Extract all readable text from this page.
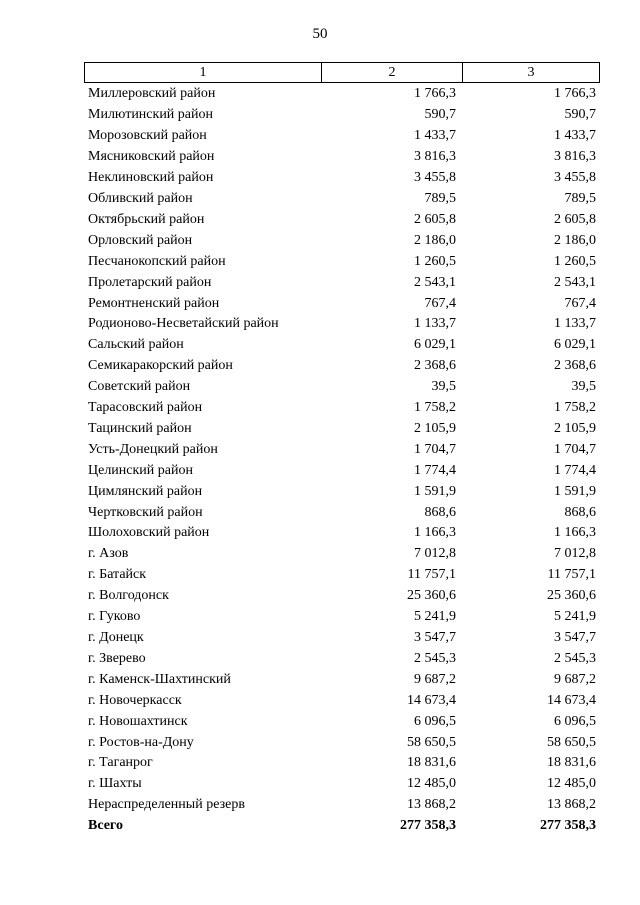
50
1	2	3
Миллеровский район	1 766,3	1 766,3
Милютинский район	590,7	590,7
Морозовский район	1 433,7	1 433,7
Мясниковский район	3 816,3	3 816,3
Неклиновский район	3 455,8	3 455,8
Обливский район	789,5	789,5
Октябрьский район	2 605,8	2 605,8
Орловский район	2 186,0	2 186,0
Песчанокопский район	1 260,5	1 260,5
Пролетарский район	2 543,1	2 543,1
Ремонтненский район	767,4	767,4
Родионово-Несветайский район	1 133,7	1 133,7
Сальский район	6 029,1	6 029,1
Семикаракорский район	2 368,6	2 368,6
Советский район	39,5	39,5
Тарасовский район	1 758,2	1 758,2
Тацинский район	2 105,9	2 105,9
Усть-Донецкий район	1 704,7	1 704,7
Целинский район	1 774,4	1 774,4
Цимлянский район	1 591,9	1 591,9
Чертковский район	868,6	868,6
Шолоховский район	1 166,3	1 166,3
г. Азов	7 012,8	7 012,8
г. Батайск	11 757,1	11 757,1
г. Волгодонск	25 360,6	25 360,6
г. Гуково	5 241,9	5 241,9
г. Донецк	3 547,7	3 547,7
г. Зверево	2 545,3	2 545,3
г. Каменск-Шахтинский	9 687,2	9 687,2
г. Новочеркасск	14 673,4	14 673,4
г. Новошахтинск	6 096,5	6 096,5
г. Ростов-на-Дону	58 650,5	58 650,5
г. Таганрог	18 831,6	18 831,6
г. Шахты	12 485,0	12 485,0
Нераспределенный резерв	13 868,2	13 868,2
Всего	277 358,3	277 358,3
